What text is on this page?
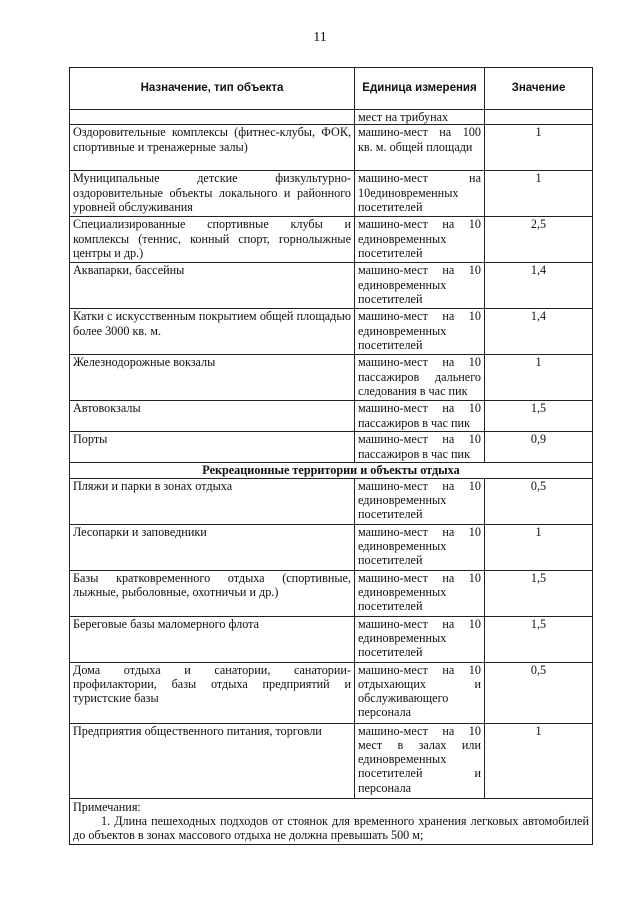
11
Назначение, тип объекта	Единица измерения	Значение
	мест на трибунах	
Оздоровительные комплексы (фитнес-клубы, ФОК, спортивные и тренажерные залы)	машино-мест на 100 кв. м. общей площади	1
Муниципальные детские физкультурно-оздоровительные объекты локального и районного уровней обслуживания	машино-мест на 10единовременных посетителей	1
Специализированные спортивные клубы и комплексы (теннис, конный спорт, горнолыжные центры и др.)	машино-мест на 10 единовременных посетителей	2,5
Аквапарки, бассейны	машино-мест на 10 единовременных посетителей	1,4
Катки с искусственным покрытием общей площадью более 3000 кв. м.	машино-мест на 10 единовременных посетителей	1,4
Железнодорожные вокзалы	машино-мест на 10 пассажиров дальнего следования в час пик	1
Автовокзалы	машино-мест на 10 пассажиров в час пик	1,5
Порты	машино-мест на 10 пассажиров в час пик	0,9
Рекреационные территории и объекты отдыха		
Пляжи и парки в зонах отдыха	машино-мест на 10 единовременных посетителей	0,5
Лесопарки и заповедники	машино-мест на 10 единовременных посетителей	1
Базы кратковременного отдыха (спортивные, лыжные, рыболовные, охотничьи и др.)	машино-мест на 10 единовременных посетителей	1,5
Береговые базы маломерного флота	машино-мест на 10 единовременных посетителей	1,5
Дома отдыха и санатории, санатории-профилактории, базы отдыха предприятий и туристские базы	машино-мест на 10 отдыхающих и обслуживающего персонала	0,5
Предприятия общественного питания, торговли	машино-мест на 10 мест в залах или единовременных посетителей и персонала	1

Примечания:
1. Длина пешеходных подходов от стоянок для временного хранения легковых автомобилей до объектов в зонах массового отдыха не должна превышать 500 м;		
